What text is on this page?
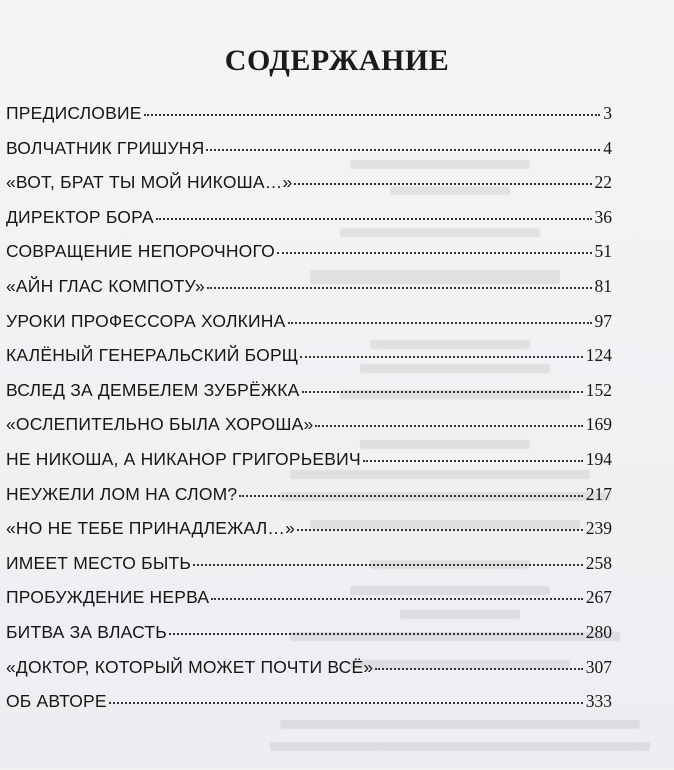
СОДЕРЖАНИЕ
ПРЕДИСЛОВИЕ	3
ВОЛЧАТНИК ГРИШУНЯ	4
«ВОТ, БРАТ ТЫ МОЙ НИКОША…»	22
ДИРЕКТОР БОРА	36
СОВРАЩЕНИЕ НЕПОРОЧНОГО	51
«АЙН ГЛАС КОМПОТУ»	81
УРОКИ ПРОФЕССОРА ХОЛКИНА	97
КАЛЁНЫЙ ГЕНЕРАЛЬСКИЙ БОРЩ	124
ВСЛЕД ЗА ДЕМБЕЛЕМ ЗУБРЁЖКА	152
«ОСЛЕПИТЕЛЬНО БЫЛА ХОРОША»	169
НЕ НИКОША, А НИКАНОР ГРИГОРЬЕВИЧ	194
НЕУЖЕЛИ ЛОМ НА СЛОМ?	217
«НО НЕ ТЕБЕ ПРИНАДЛЕЖАЛ…»	239
ИМЕЕТ МЕСТО БЫТЬ	258
ПРОБУЖДЕНИЕ НЕРВА	267
БИТВА ЗА ВЛАСТЬ	280
«ДОКТОР, КОТОРЫЙ МОЖЕТ ПОЧТИ ВСЁ»	307
ОБ АВТОРЕ	333
